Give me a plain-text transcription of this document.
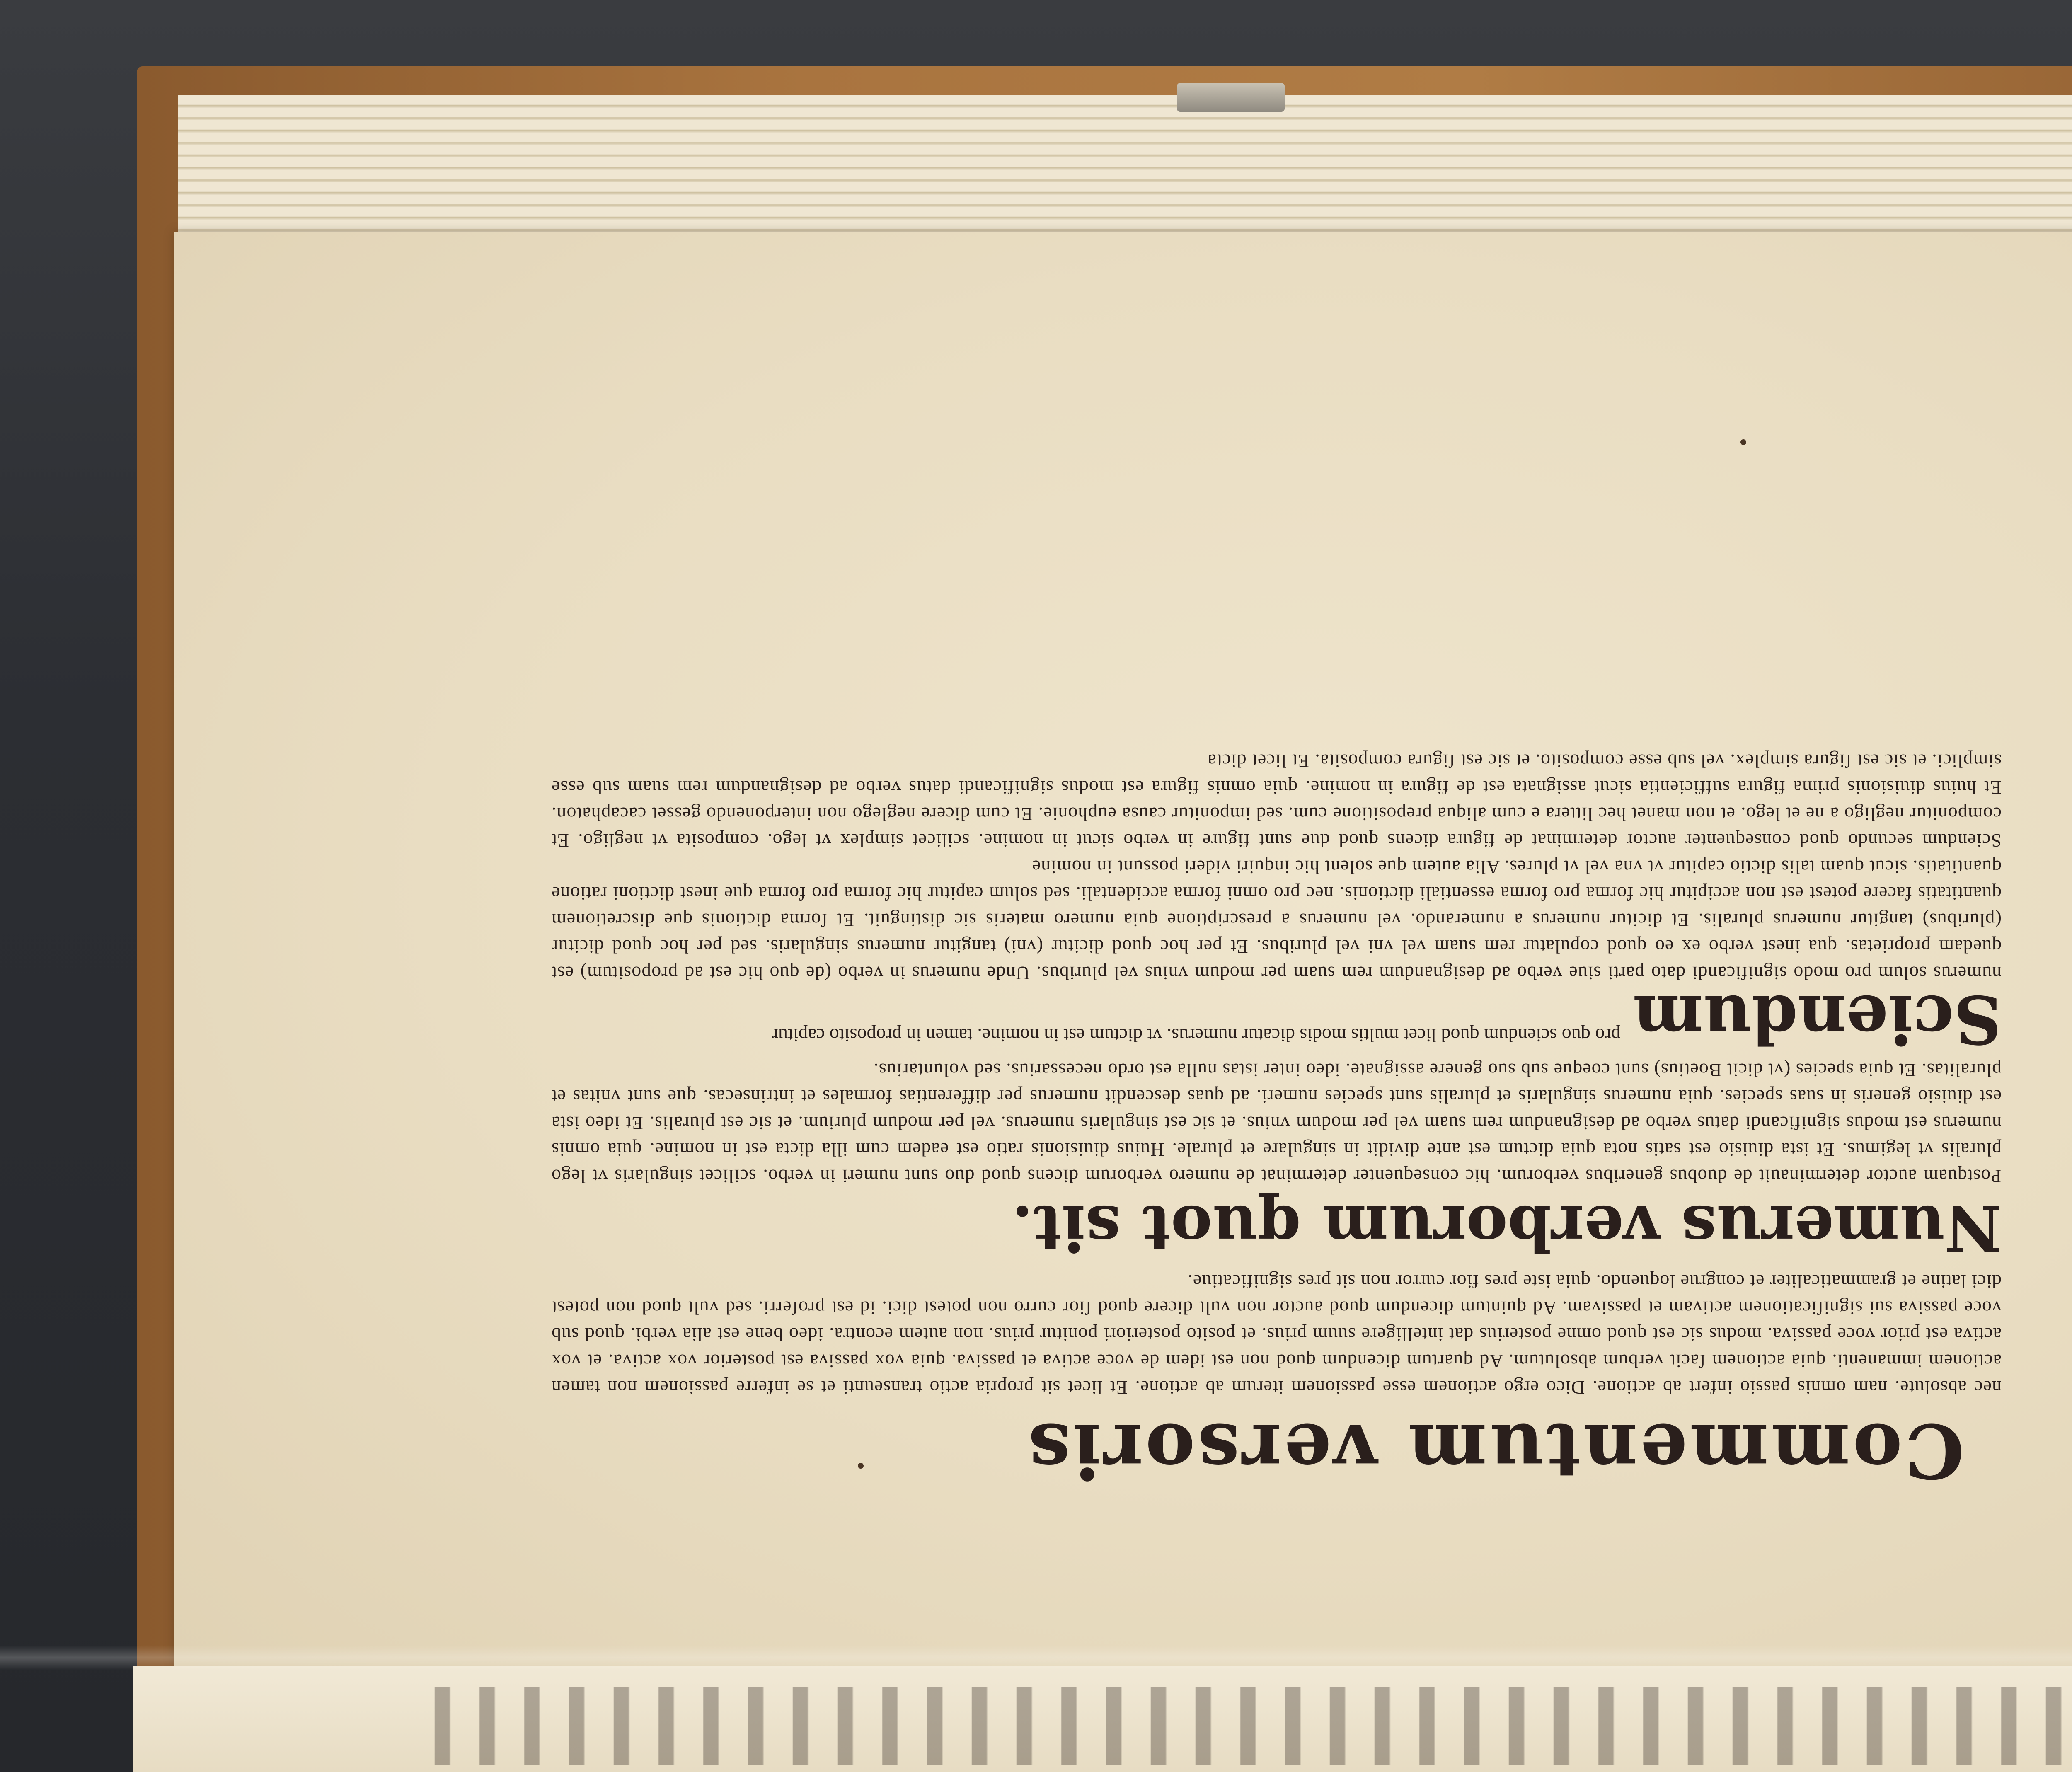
Commentum versoris

nec absolute. nam omnis passio infert ab actione. Dico ergo actionem esse passionem iterum ab actione. Et licet sit propria actio transeunti et se inferre passionem non tamen actionem immanenti. quia actionem facit verbum absolutum. Ad quartum dicendum quod non est idem de voce activa et passiva. quia vox passiva est posterior vox activa. et vox activa est prior voce passiva. modus sic est quod omne posterius dat intelligere suum prius. et posito posteriori ponitur prius. non autem econtra. ideo bene est alia verbi. quod sub voce passiva sui significationem activam et passivam. Ad quintum dicendum quod auctor non vult dicere quod fior curro non potest dici. id est proferri. sed vult quod non potest dici latine et grammaticaliter et congrue loquendo. quia iste pres fior curror non sit pres significatiue.

Numerus verborum quot sit.

Postquam auctor determinauit de duobus generibus verborum. hic consequenter determinat de numero verborum dicens quod duo sunt numeri in verbo. scilicet singularis vt lego pluralis vt legimus. Et ista diuisio est satis nota quia dictum est ante dividit in singulare et plurale. Huius diuisionis ratio est eadem cum illa dicta est in nomine. quia omnis numerus est modus significandi datus verbo ad designandum rem suam vel per modum vnius. et sic est singularis numerus. vel per modum plurium. et sic est pluralis. Et ideo ista est diuisio generis in suas species. quia numerus singularis et pluralis sunt species numeri. ad quas descendit numerus per differentias formales et intrinsecas. que sunt vnitas et pluralitas. Et quia species (vt dicit Boetius) sunt coeque sub suo genere assignate. ideo inter istas nulla est ordo necessarius. sed voluntarius.

Sciendum
pro quo sciendum quod licet multis modis dicatur numerus. vt dictum est in nomine. tamen in proposito capitur

numerus solum pro modo significandi dato parti siue verbo ad designandum rem suam per modum vnius vel pluribus. Unde numerus in verbo (de quo hic est ad propositum) est quedam proprietas. qua inest verbo ex eo quod copulatur rem suam vel vni vel pluribus. Et per hoc quod dicitur (vni) tangitur numerus singularis. sed per hoc quod dicitur (pluribus) tangitur numerus pluralis. Et dicitur numerus a numerando. vel numerus a prescriptione quia numero materis sic distinguit. Et forma dictionis que discretionem quantitatis facere potest est non accipitur hic forma pro forma essentiali dictionis. nec pro omni forma accidentali. sed solum capitur hic forma pro forma que inest dictioni ratione quantitatis. sicut quam talis dictio capitur vt vna vel vt plures. Alia autem que solent hic inquiri videri possunt in nomine

Sciendum secundo quod consequenter auctor determinat de figura dicens quod due sunt figure in verbo sicut in nomine. scilicet simplex vt lego. composita vt negligo. Et componitur negligo a ne et lego. et non manet hec littera e cum aliqua prepositione cum. sed imponitur causa euphonie. Et cum dicere neglego non interponendo gesset cacaphaton. Et huius diuisionis prima figura sufficientia sicut assignata est de figura in nomine. quia omnis figura est modus significandi datus verbo ad designandum rem suam sub esse simplici. et sic est figura simplex. vel sub esse composito. et sic est figura composita. Et licet dicta
